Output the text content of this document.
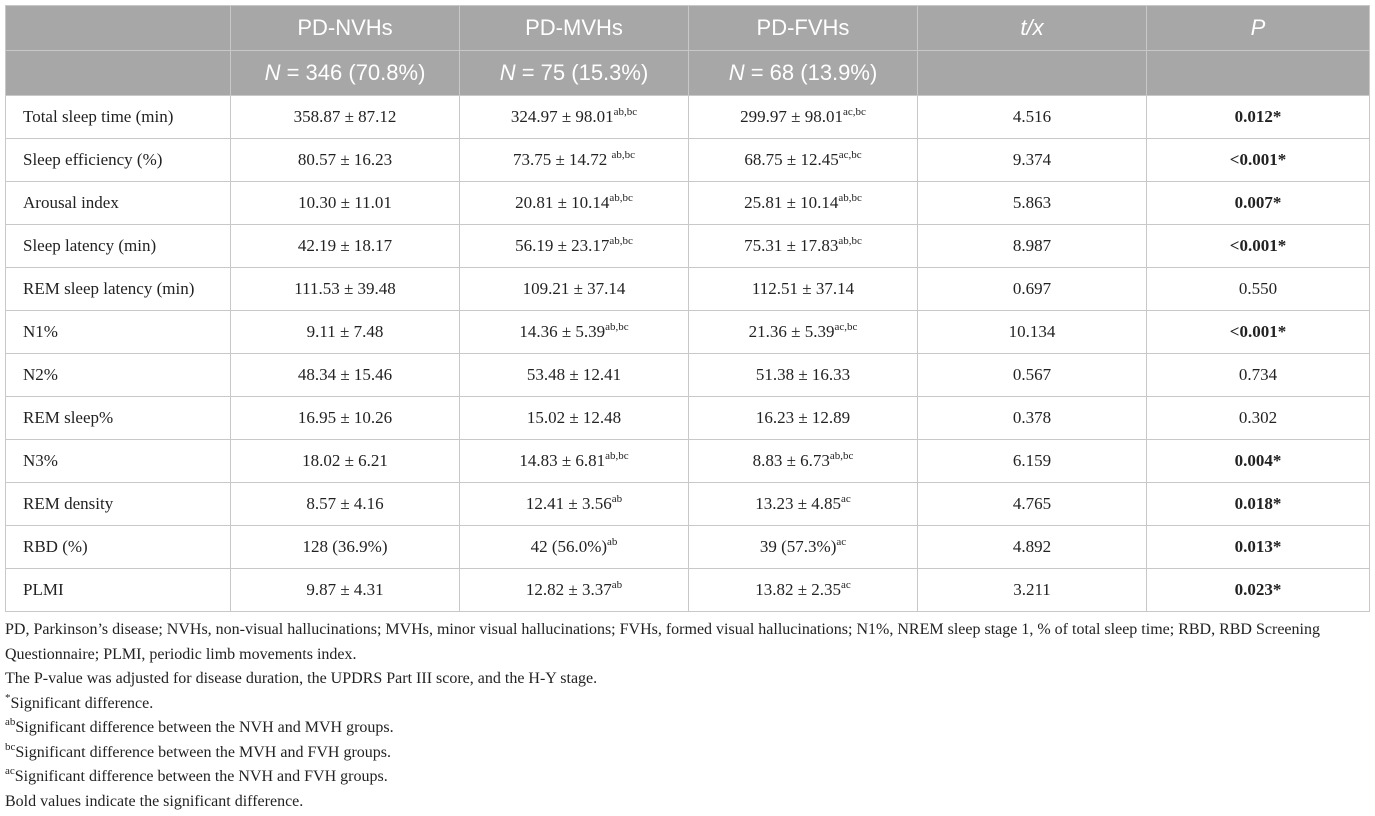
	PD-NVHs	PD-MVHs	PD-FVHs	t/x	P
	N = 346 (70.8%)	N = 75 (15.3%)	N = 68 (13.9%)		
Total sleep time (min)	358.87 ± 87.12	$324.97 \pm 98.01^{ab,bc}$	$299.97 \pm 98.01^{ac,bc}$	4.516	0.012*
Sleep efficiency (%)	80.57 ± 16.23	73.75 ± 14.72 $^{ab,bc}$	$68.75 \pm 12.45^{ac,bc}$	9.374	<0.001*
Arousal index	10.30 ± 11.01	$20.81 \pm 10.14^{ab,bc}$	$25.81 \pm 10.14^{ab,bc}$	5.863	0.007*
Sleep latency (min)	42.19 ± 18.17	$56.19 \pm 23.17^{ab,bc}$	$75.31 \pm 17.83^{ab,bc}$	8.987	<0.001*
REM sleep latency (min)	111.53 ± 39.48	109.21 ± 37.14	112.51 ± 37.14	0.697	0.550
N1%	9.11 ± 7.48	$14.36 \pm 5.39^{ab,bc}$	$21.36 \pm 5.39^{ac,bc}$	10.134	<0.001*
N2%	48.34 ± 15.46	53.48 ± 12.41	51.38 ± 16.33	0.567	0.734
REM sleep%	16.95 ± 10.26	15.02 ± 12.48	16.23 ± 12.89	0.378	0.302
N3%	18.02 ± 6.21	$14.83 \pm 6.81^{ab,bc}$	$8.83 \pm 6.73^{ab,bc}$	6.159	0.004*
REM density	8.57 ± 4.16	12.41 ± 3.56$^{ab}$	13.23 ± 4.85$^{ac}$	4.765	0.018*
RBD (%)	128 (36.9%)	42 $(56.0\%)^{ab}$	39 $(57.3\%)^{ac}$	4.892	0.013*
PLMI	9.87 ± 4.31	12.82 ± 3.37$^{ab}$	13.82 ± 2.35$^{ac}$	3.211	0.023*

PD, Parkinson’s disease; NVHs, non-visual hallucinations; MVHs, minor visual hallucinations; FVHs, formed visual hallucinations; N1%, NREM sleep stage 1, % of total sleep time; RBD, RBD Screening Questionnaire; PLMI, periodic limb movements index.

The P-value was adjusted for disease duration, the UPDRS Part III score, and the H-Y stage.

*Significant difference.

$^{ab}$Significant difference between the NVH and MVH groups.

$^{bc}$Significant difference between the MVH and FVH groups.

$^{ac}$Significant difference between the NVH and FVH groups.

Bold values indicate the significant difference.
